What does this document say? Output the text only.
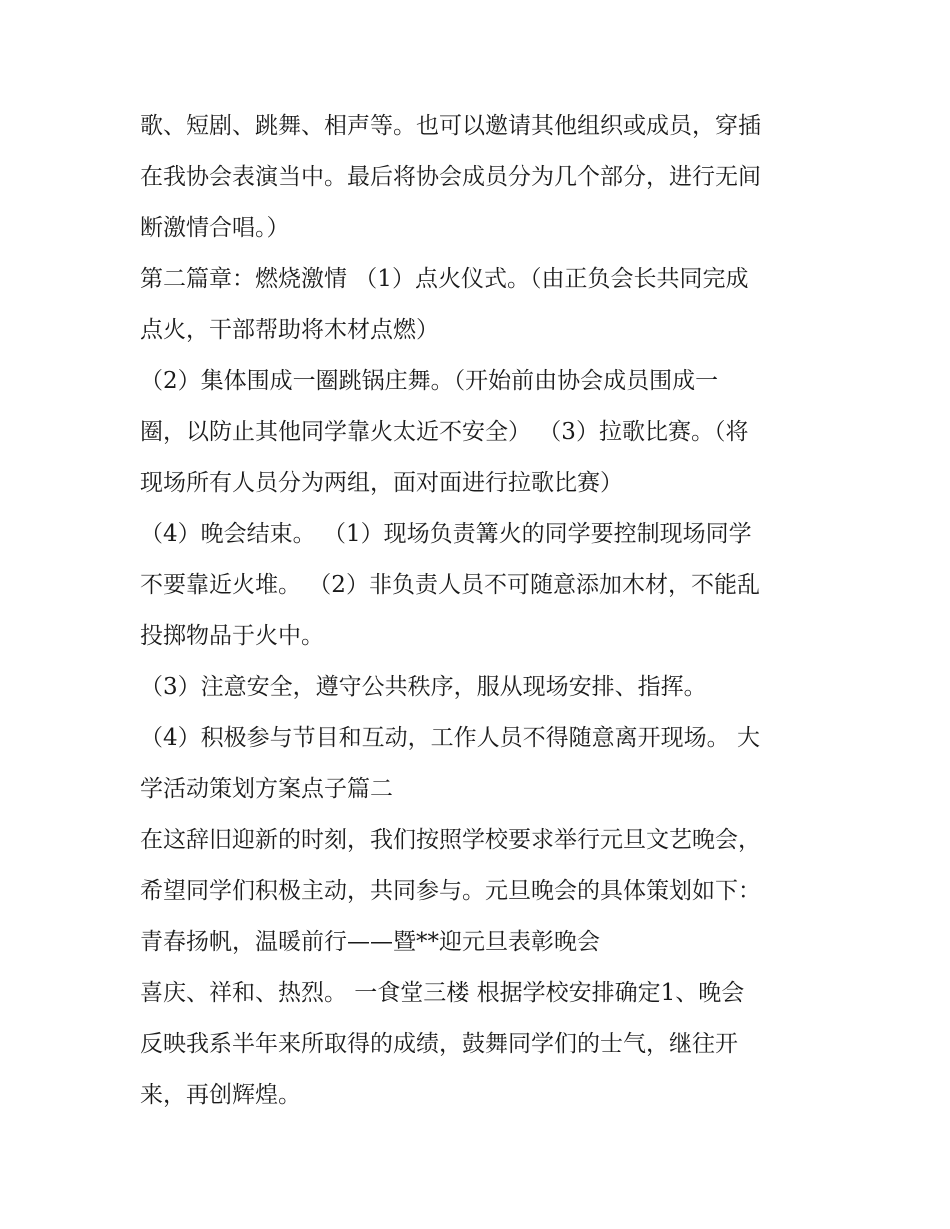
歌、短剧、跳舞、相声等。也可以邀请其他组织或成员，穿插
在我协会表演当中。最后将协会成员分为几个部分，进行无间
断激情合唱。）
第二篇章：燃烧激情 （1）点火仪式。（由正负会长共同完成
点火，干部帮助将木材点燃）
（2）集体围成一圈跳锅庄舞。（开始前由协会成员围成一
圈，以防止其他同学靠火太近不安全） （3）拉歌比赛。（将
现场所有人员分为两组，面对面进行拉歌比赛）
（4）晚会结束。 （1）现场负责篝火的同学要控制现场同学
不要靠近火堆。 （2）非负责人员不可随意添加木材，不能乱
投掷物品于火中。
（3）注意安全，遵守公共秩序，服从现场安排、指挥。
（4）积极参与节目和互动，工作人员不得随意离开现场。 大
学活动策划方案点子篇二
在这辞旧迎新的时刻，我们按照学校要求举行元旦文艺晚会，
希望同学们积极主动，共同参与。元旦晚会的具体策划如下：
青春扬帆，温暖前行——暨**迎元旦表彰晚会
喜庆、祥和、热烈。 一食堂三楼 根据学校安排确定1、晚会
反映我系半年来所取得的成绩，鼓舞同学们的士气，继往开
来，再创辉煌。
